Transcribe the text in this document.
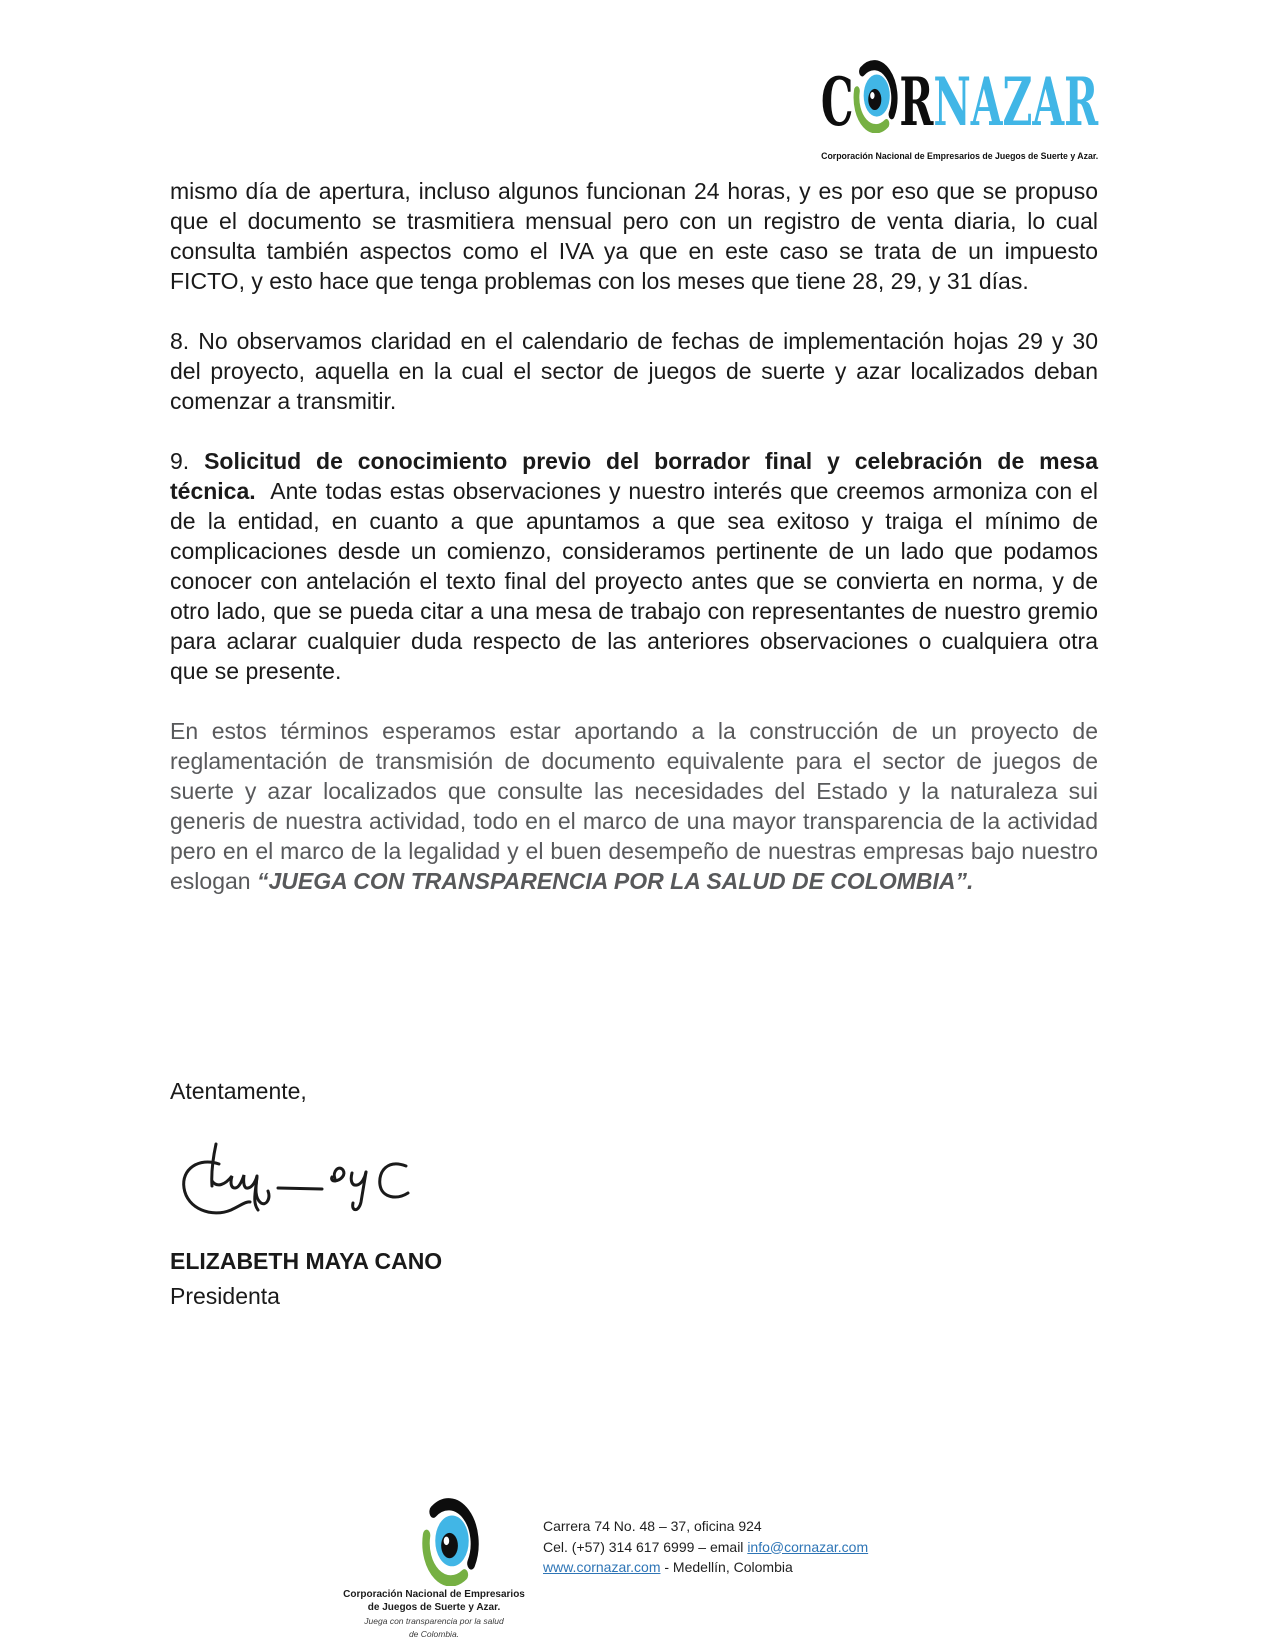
C R NAZAR
Corporación Nacional de Empresarios de Juegos de Suerte y Azar.

mismo día de apertura, incluso algunos funcionan 24 horas, y es por eso que se propuso que el documento se trasmitiera mensual pero con un registro de venta diaria, lo cual consulta también aspectos como el IVA ya que en este caso se trata de un impuesto FICTO, y esto hace que tenga problemas con los meses que tiene 28, 29, y 31 días.

8. No observamos claridad en el calendario de fechas de implementación hojas 29 y 30 del proyecto, aquella en la cual el sector de juegos de suerte y azar localizados deban comenzar a transmitir.

9. Solicitud de conocimiento previo del borrador final y celebración de mesa técnica.  Ante todas estas observaciones y nuestro interés que creemos armoniza con el de la entidad, en cuanto a que apuntamos a que sea exitoso y traiga el mínimo de complicaciones desde un comienzo, consideramos pertinente de un lado que podamos conocer con antelación el texto final del proyecto antes que se convierta en norma, y de otro lado, que se pueda citar a una mesa de trabajo con representantes de nuestro gremio para aclarar cualquier duda respecto de las anteriores observaciones o cualquiera otra que se presente.

En estos términos esperamos estar aportando a la construcción de un proyecto de reglamentación de transmisión de documento equivalente para el sector de juegos de suerte y azar localizados que consulte las necesidades del Estado y la naturaleza sui generis de nuestra actividad, todo en el marco de una mayor transparencia de la actividad pero en el marco de la legalidad y el buen desempeño de nuestras empresas bajo nuestro eslogan “JUEGA CON TRANSPARENCIA POR LA SALUD DE COLOMBIA”.

Atentamente,
ELIZABETH MAYA CANO
Presidenta
Corporación Nacional de Empresarios
de Juegos de Suerte y Azar.
Juega con transparencia por la salud
de Colombia.
Carrera 74 No. 48 – 37, oficina 924
Cel. (+57) 314 617 6999 – email info@cornazar.com
www.cornazar.com - Medellín, Colombia
